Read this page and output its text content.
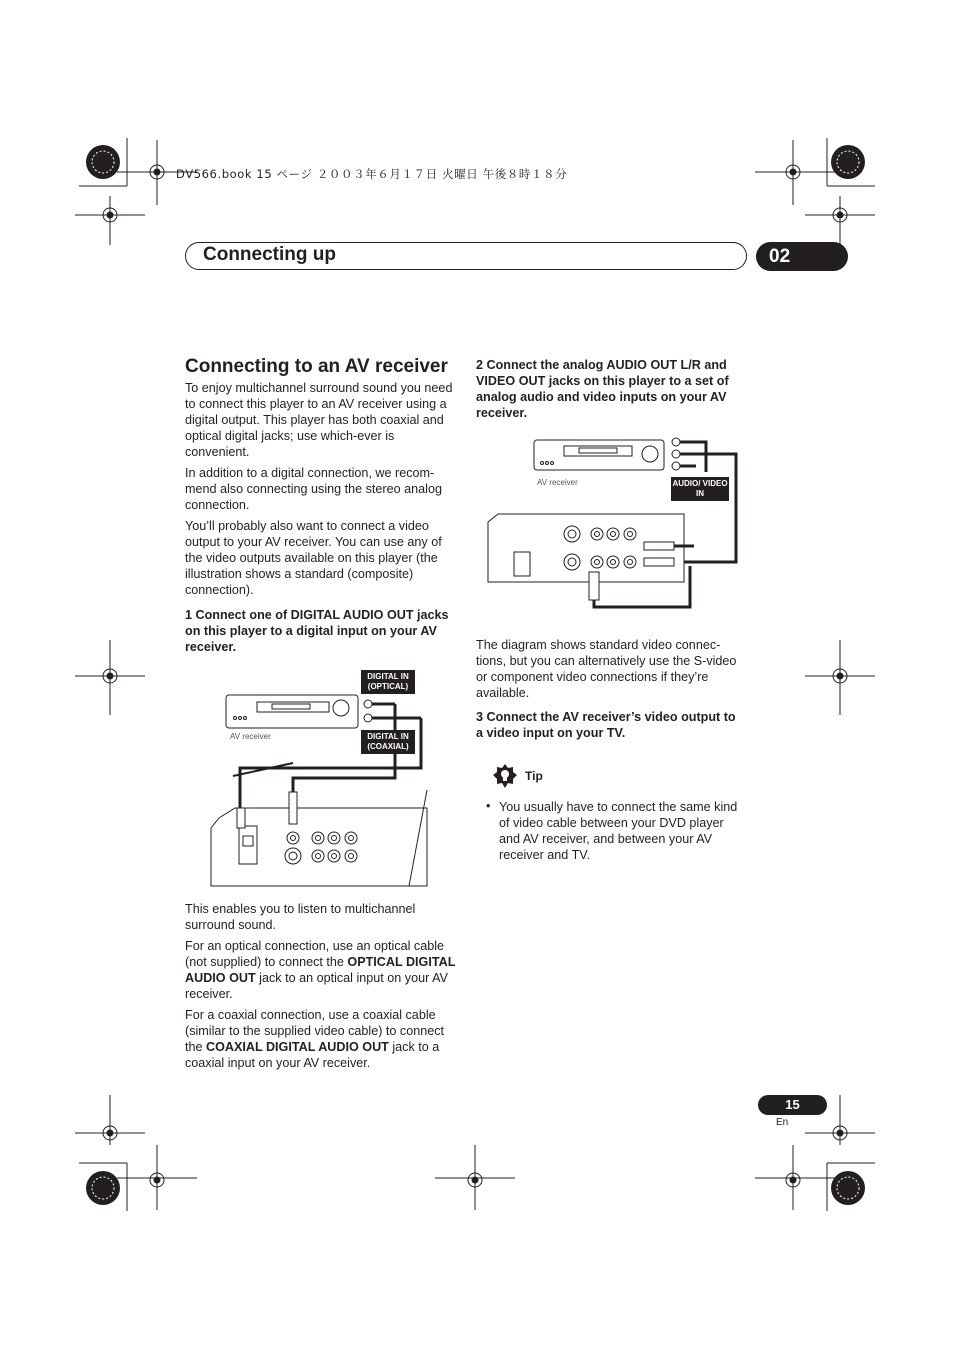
DV566.book 15 ページ ２００３年６月１７日 火曜日 午後８時１８分
Connecting up	02
Connecting to an AV receiver

To enjoy multichannel surround sound you need to connect this player to an AV receiver using a digital output. This player has both coaxial and optical digital jacks; use which-ever is convenient.

In addition to a digital connection, we recom-mend also connecting using the stereo analog connection.

You’ll probably also want to connect a video output to your AV receiver. You can use any of the video outputs available on this player (the illustration shows a standard (composite) connection).

1 Connect one of DIGITAL AUDIO OUT jacks on this player to a digital input on your AV receiver.
DIGITAL IN (OPTICAL)
DIGITAL IN (COAXIAL)
AV receiver

This enables you to listen to multichannel surround sound.

For an optical connection, use an optical cable (not supplied) to connect the OPTICAL DIGITAL AUDIO OUT jack to an optical input on your AV receiver.

For a coaxial connection, use a coaxial cable (similar to the supplied video cable) to connect the COAXIAL DIGITAL AUDIO OUT jack to a coaxial input on your AV receiver.

2 Connect the analog AUDIO OUT L/R and VIDEO OUT jacks on this player to a set of analog audio and video inputs on your AV receiver.
AUDIO/ VIDEO IN
AV receiver

The diagram shows standard video connec-tions, but you can alternatively use the S-video or component video connections if they’re available.

3 Connect the AV receiver’s video output to a video input on your TV.
Tip
• You usually have to connect the same kind of video cable between your DVD player and AV receiver, and between your AV receiver and TV.
15
En
